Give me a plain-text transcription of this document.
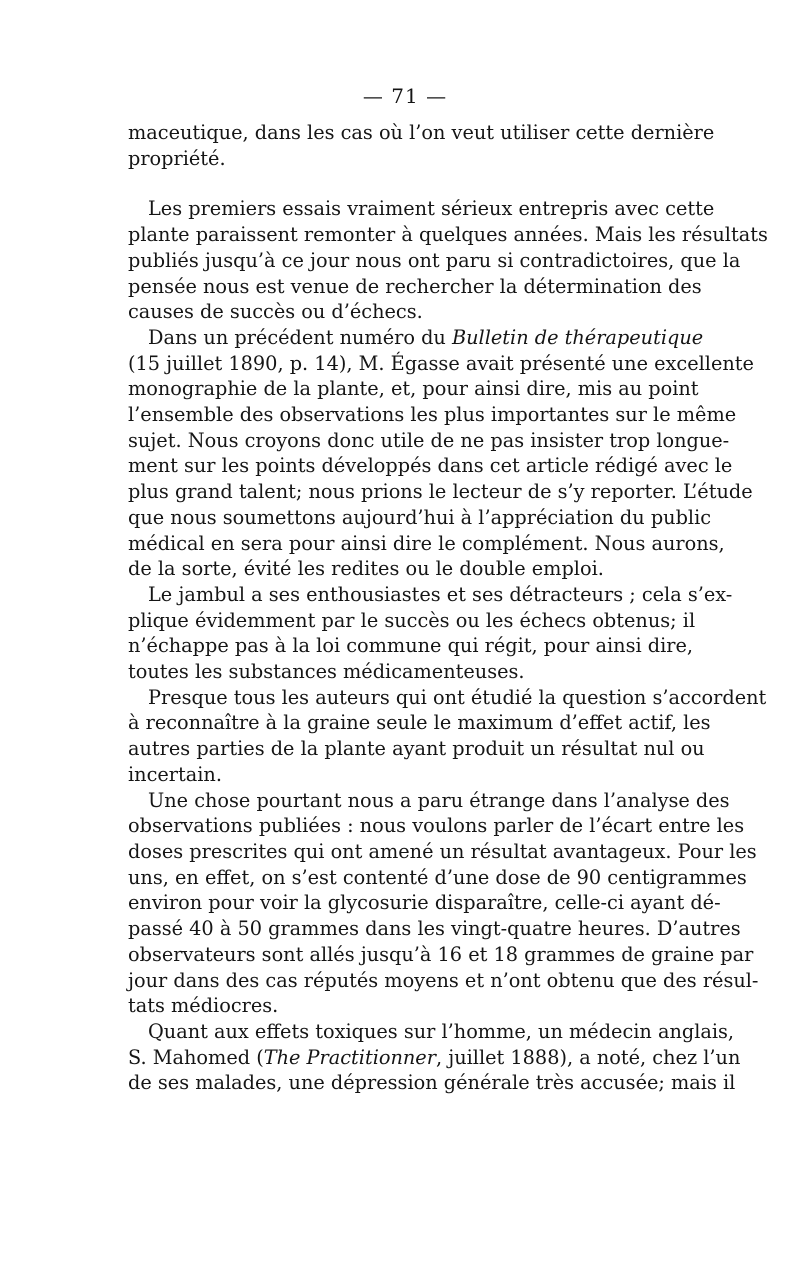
— 71 —
maceutique, dans les cas où l’on veut utiliser cette dernière
propriété.
Les premiers essais vraiment sérieux entrepris avec cette
plante paraissent remonter à quelques années. Mais les résultats
publiés jusqu’à ce jour nous ont paru si contradictoires, que la
pensée nous est venue de rechercher la détermination des
causes de succès ou d’échecs.
Dans un précédent numéro du Bulletin de thérapeutique
(15 juillet 1890, p. 14), M. Égasse avait présenté une excellente
monographie de la plante, et, pour ainsi dire, mis au point
l’ensemble des observations les plus importantes sur le même
sujet. Nous croyons donc utile de ne pas insister trop longue-
ment sur les points développés dans cet article rédigé avec le
plus grand talent; nous prions le lecteur de s’y reporter. L’étude
que nous soumettons aujourd’hui à l’appréciation du public
médical en sera pour ainsi dire le complément. Nous aurons,
de la sorte, évité les redites ou le double emploi.
Le jambul a ses enthousiastes et ses détracteurs ; cela s’ex-
plique évidemment par le succès ou les échecs obtenus; il
n’échappe pas à la loi commune qui régit, pour ainsi dire,
toutes les substances médicamenteuses.
Presque tous les auteurs qui ont étudié la question s’accordent
à reconnaître à la graine seule le maximum d’effet actif, les
autres parties de la plante ayant produit un résultat nul ou
incertain.
Une chose pourtant nous a paru étrange dans l’analyse des
observations publiées : nous voulons parler de l’écart entre les
doses prescrites qui ont amené un résultat avantageux. Pour les
uns, en effet, on s’est contenté d’une dose de 90 centigrammes
environ pour voir la glycosurie disparaître, celle-ci ayant dé-
passé 40 à 50 grammes dans les vingt-quatre heures. D’autres
observateurs sont allés jusqu’à 16 et 18 grammes de graine par
jour dans des cas réputés moyens et n’ont obtenu que des résul-
tats médiocres.
Quant aux effets toxiques sur l’homme, un médecin anglais,
S. Mahomed (The Practitionner, juillet 1888), a noté, chez l’un
de ses malades, une dépression générale très accusée; mais il
